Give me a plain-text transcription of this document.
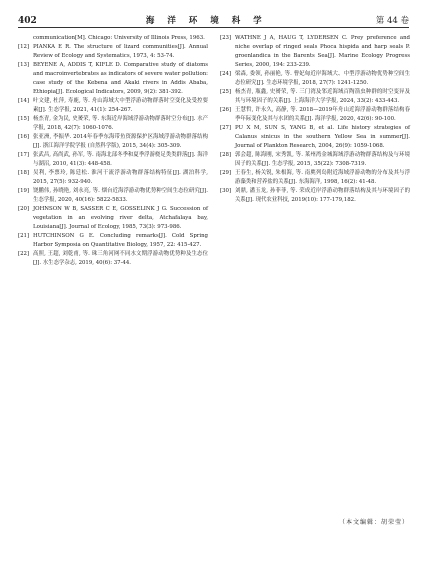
402	海 洋 环 境 科 学	第 44 卷
communication[M]. Chicago: University of Illinois Press, 1963.
[12] PIANKA E R. The structure of lizard communities[J]. Annual Review of Ecology and Systematics, 1973, 4: 53-74.
[13] BEYENE A, ADDIS T, KIFLE D. Comparative study of diatoms and macroinvertebrates as indicators of severe water pollution: case study of the Kebena and Akaki rivers in Addis Ababa, Ethiopia[J]. Ecological Indicators, 2009, 9(2): 381-392.
[14] 叶文建, 杜萍, 寿鹿, 等. 舟山海域大中型浮游动物群落时空变化及受控要素[J]. 生态学报, 2021, 41(1): 254-267.
[15] 杨杰青, 金为民, 史赟荣, 等. 东海近岸海域浮游动物群落时空分布[J]. 水产学报, 2018, 42(7): 1060-1076.
[16] 张亚洲, 李振华. 2014年春季东海带鱼资源保护区海域浮游动物群落结构[J]. 浙江海洋学院学报 (自然科学版), 2015, 34(4): 305-309.
[17] 张武昌, 高尚武, 孙军, 等. 南海北部冬季和夏季浮游桡足类类群落[J]. 海洋与湖沼, 2010, 41(3): 448-458.
[18] 吴利, 李票玲, 陈廷松. 淮河干流浮游动物群落结构特征[J]. 湖泊科学, 2015, 27(5): 932-940.
[19] 饶鹏伟, 孙晓艳, 刘永亮, 等. 烟台近海浮游动物优势种空间生态位研究[J]. 生态学报, 2020, 40(16): 5822-5833.
[20] JOHNSON W B, SASSER C E, GOSSELINK J G. Succession of vegetation in an evolving river delta, Atchafalaya bay, Louisiana[J]. Journal of Ecology, 1985, 73(3): 973-986.
[21] HUTCHINSON G E. Concluding remarks[J]. Cold Spring Harbor Symposia on Quantitative Biology, 1957, 22: 415-427.
[22] 高照, 王超, 刘乾甫, 等. 珠三角河网不同水文期浮游动物优势种及生态位[J]. 水生态学杂志, 2019, 40(6): 37-44.
[23] WATHNE J A, HAUG T, LYDERSEN C. Prey preference and niche overlap of ringed seals Phoca hispida and harp seals P. groenlandica in the Barents Sea[J]. Marine Ecology Progress Series, 2000, 194: 233-239.
[24] 梁森, 娄领, 孙丽艳, 等. 曹妃甸近岸海域大、中型浮游动物优势种空间生态位研究[J]. 生态环境学报, 2018, 27(7): 1241-1250.
[25] 杨杰青, 瓶鑫, 史赟荣, 等. 三门湾及邻近海域百陶箭虫种群的时空变异及其与环境因子的关系[J]. 上海海洋大学学报, 2024, 33(2): 433-443.
[26] 王慧哲, 许永久, 高静, 等. 2018—2019年舟山近海浮游动物群落结构春季年际变化及其与水团的关系[J]. 海洋学报, 2020, 42(6): 90-100.
[27] PU X M, SUN S, YANG B, et al. Life history strategies of Calanus sinicus in the southern Yellow Sea in summer[J]. Journal of Plankton Research, 2004, 26(9): 1059-1068.
[28] 郭会超, 陈海刚, 宋秀凯, 等. 莱州湾金城海域浮游动物群落结构及与环境因子的关系[J]. 生态学报, 2015, 35(22): 7308-7319.
[29] 王春生, 杨关锐, 朱根海, 等. 南麂列岛附近海域浮游动物的分布及其与浮游藻类和营养盐的关系[J]. 东海海洋, 1998, 16(2): 41-48.
[30] 刘鼎, 潘玉龙, 孙菲菲, 等. 荣成近岸浮游动物群落结构及其与环境因子的关系[J]. 现代农业科技, 2019(10): 177-179,182.
（本文编辑：胡荣莹）
